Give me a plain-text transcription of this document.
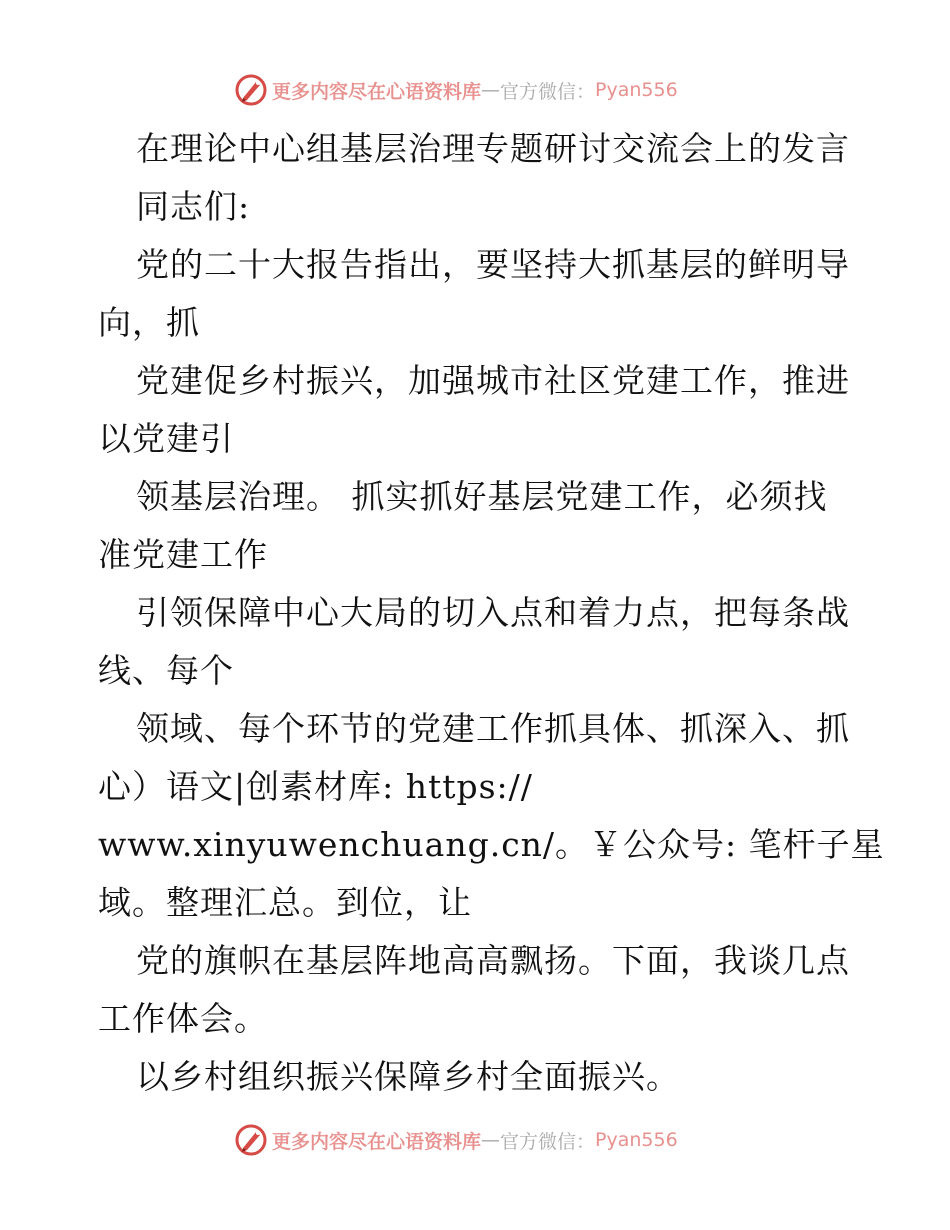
更多内容尽在心语资料库 — 官方微信： Pyan556
在理论中心组基层治理专题研讨交流会上的发言
同志们:
党的二十大报告指出，要坚持大抓基层的鲜明导
向，抓
党建促乡村振兴，加强城市社区党建工作，推进
以党建引
领基层治理。 抓实抓好基层党建工作，必须找
准党建工作
引领保障中心大局的切入点和着力点，把每条战
线、每个
领域、每个环节的党建工作抓具体、抓深入、抓
心）语文|创素材库: https://
www.xinyuwenchuang.cn/。￥公众号: 笔杆子星
域。整理汇总。到位，让
党的旗帜在基层阵地高高飘扬。下面，我谈几点
工作体会。
以乡村组织振兴保障乡村全面振兴。
更多内容尽在心语资料库 — 官方微信： Pyan556
